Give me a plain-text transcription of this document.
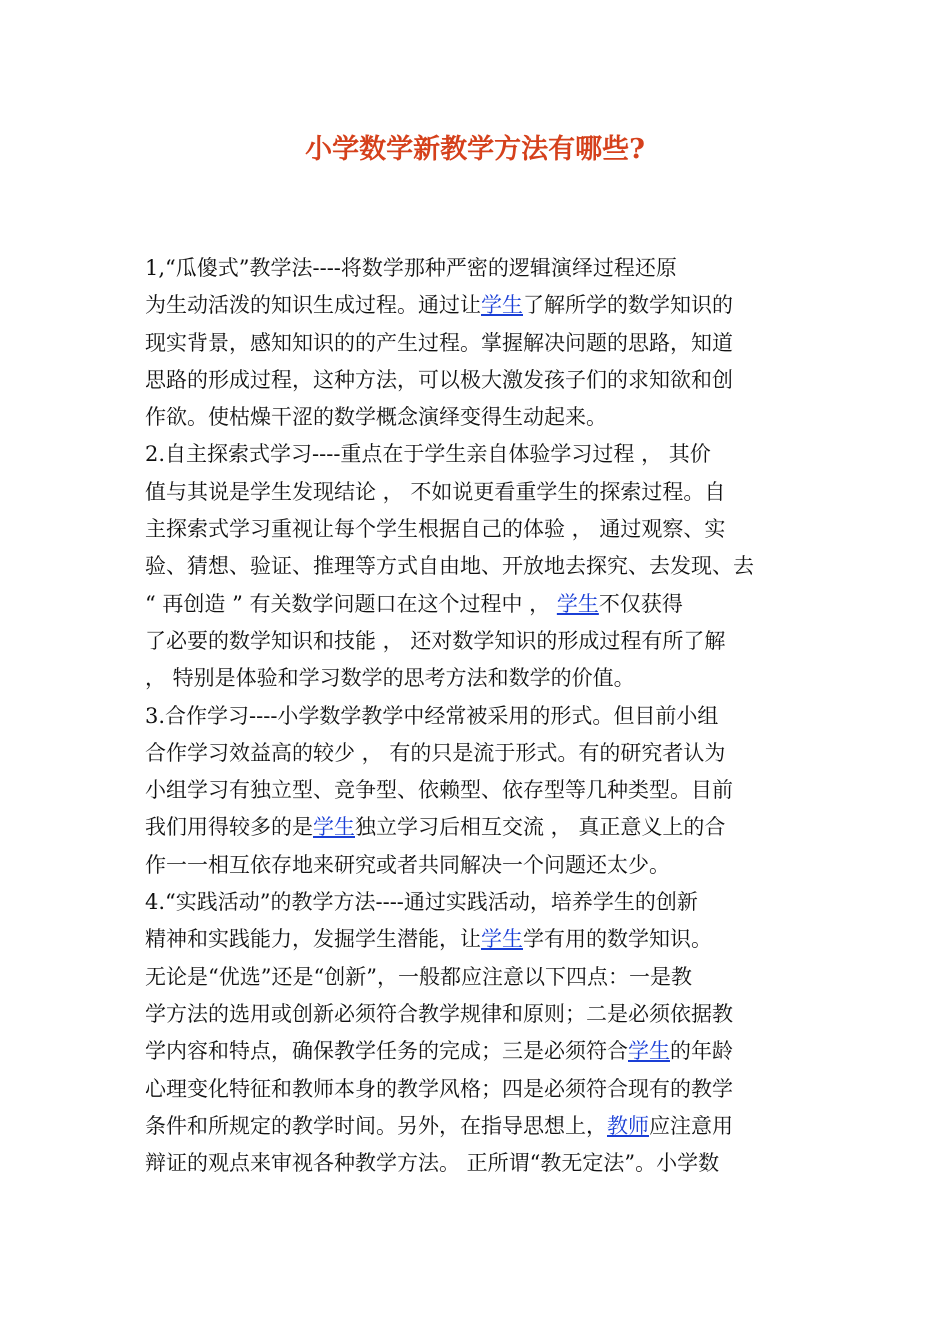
小学数学新教学方法有哪些?
1,“瓜傻式”教学法----将数学那种严密的逻辑演绎过程还原
为生动活泼的知识生成过程。通过让学生了解所学的数学知识的
现实背景，感知知识的的产生过程。掌握解决问题的思路，知道
思路的形成过程，这种方法，可以极大激发孩子们的求知欲和创
作欲。使枯燥干涩的数学概念演绎变得生动起来。
2.自主探索式学习----重点在于学生亲自体验学习过程 ， 其价
值与其说是学生发现结论 ， 不如说更看重学生的探索过程。自
主探索式学习重视让每个学生根据自己的体验 ， 通过观察、实
验、猜想、验证、推理等方式自由地、开放地去探究、去发现、去
“ 再创造 ” 有关数学问题口在这个过程中 ， 学生不仅获得
了必要的数学知识和技能 ， 还对数学知识的形成过程有所了解
， 特别是体验和学习数学的思考方法和数学的价值。
3.合作学习----小学数学教学中经常被采用的形式。但目前小组
合作学习效益高的较少 ， 有的只是流于形式。有的研究者认为
小组学习有独立型、竞争型、依赖型、依存型等几种类型。目前
我们用得较多的是学生独立学习后相互交流 ， 真正意义上的合
作一一相互依存地来研究或者共同解决一个问题还太少。
4.“实践活动”的教学方法----通过实践活动，培养学生的创新
精神和实践能力，发掘学生潜能，让学生学有用的数学知识。
无论是“优选”还是“创新”，一般都应注意以下四点：一是教
学方法的选用或创新必须符合教学规律和原则；二是必须依据教
学内容和特点，确保教学任务的完成；三是必须符合学生的年龄
心理变化特征和教师本身的教学风格；四是必须符合现有的教学
条件和所规定的教学时间。另外，在指导思想上，教师应注意用
辩证的观点来审视各种教学方法。 正所谓“教无定法”。小学数
